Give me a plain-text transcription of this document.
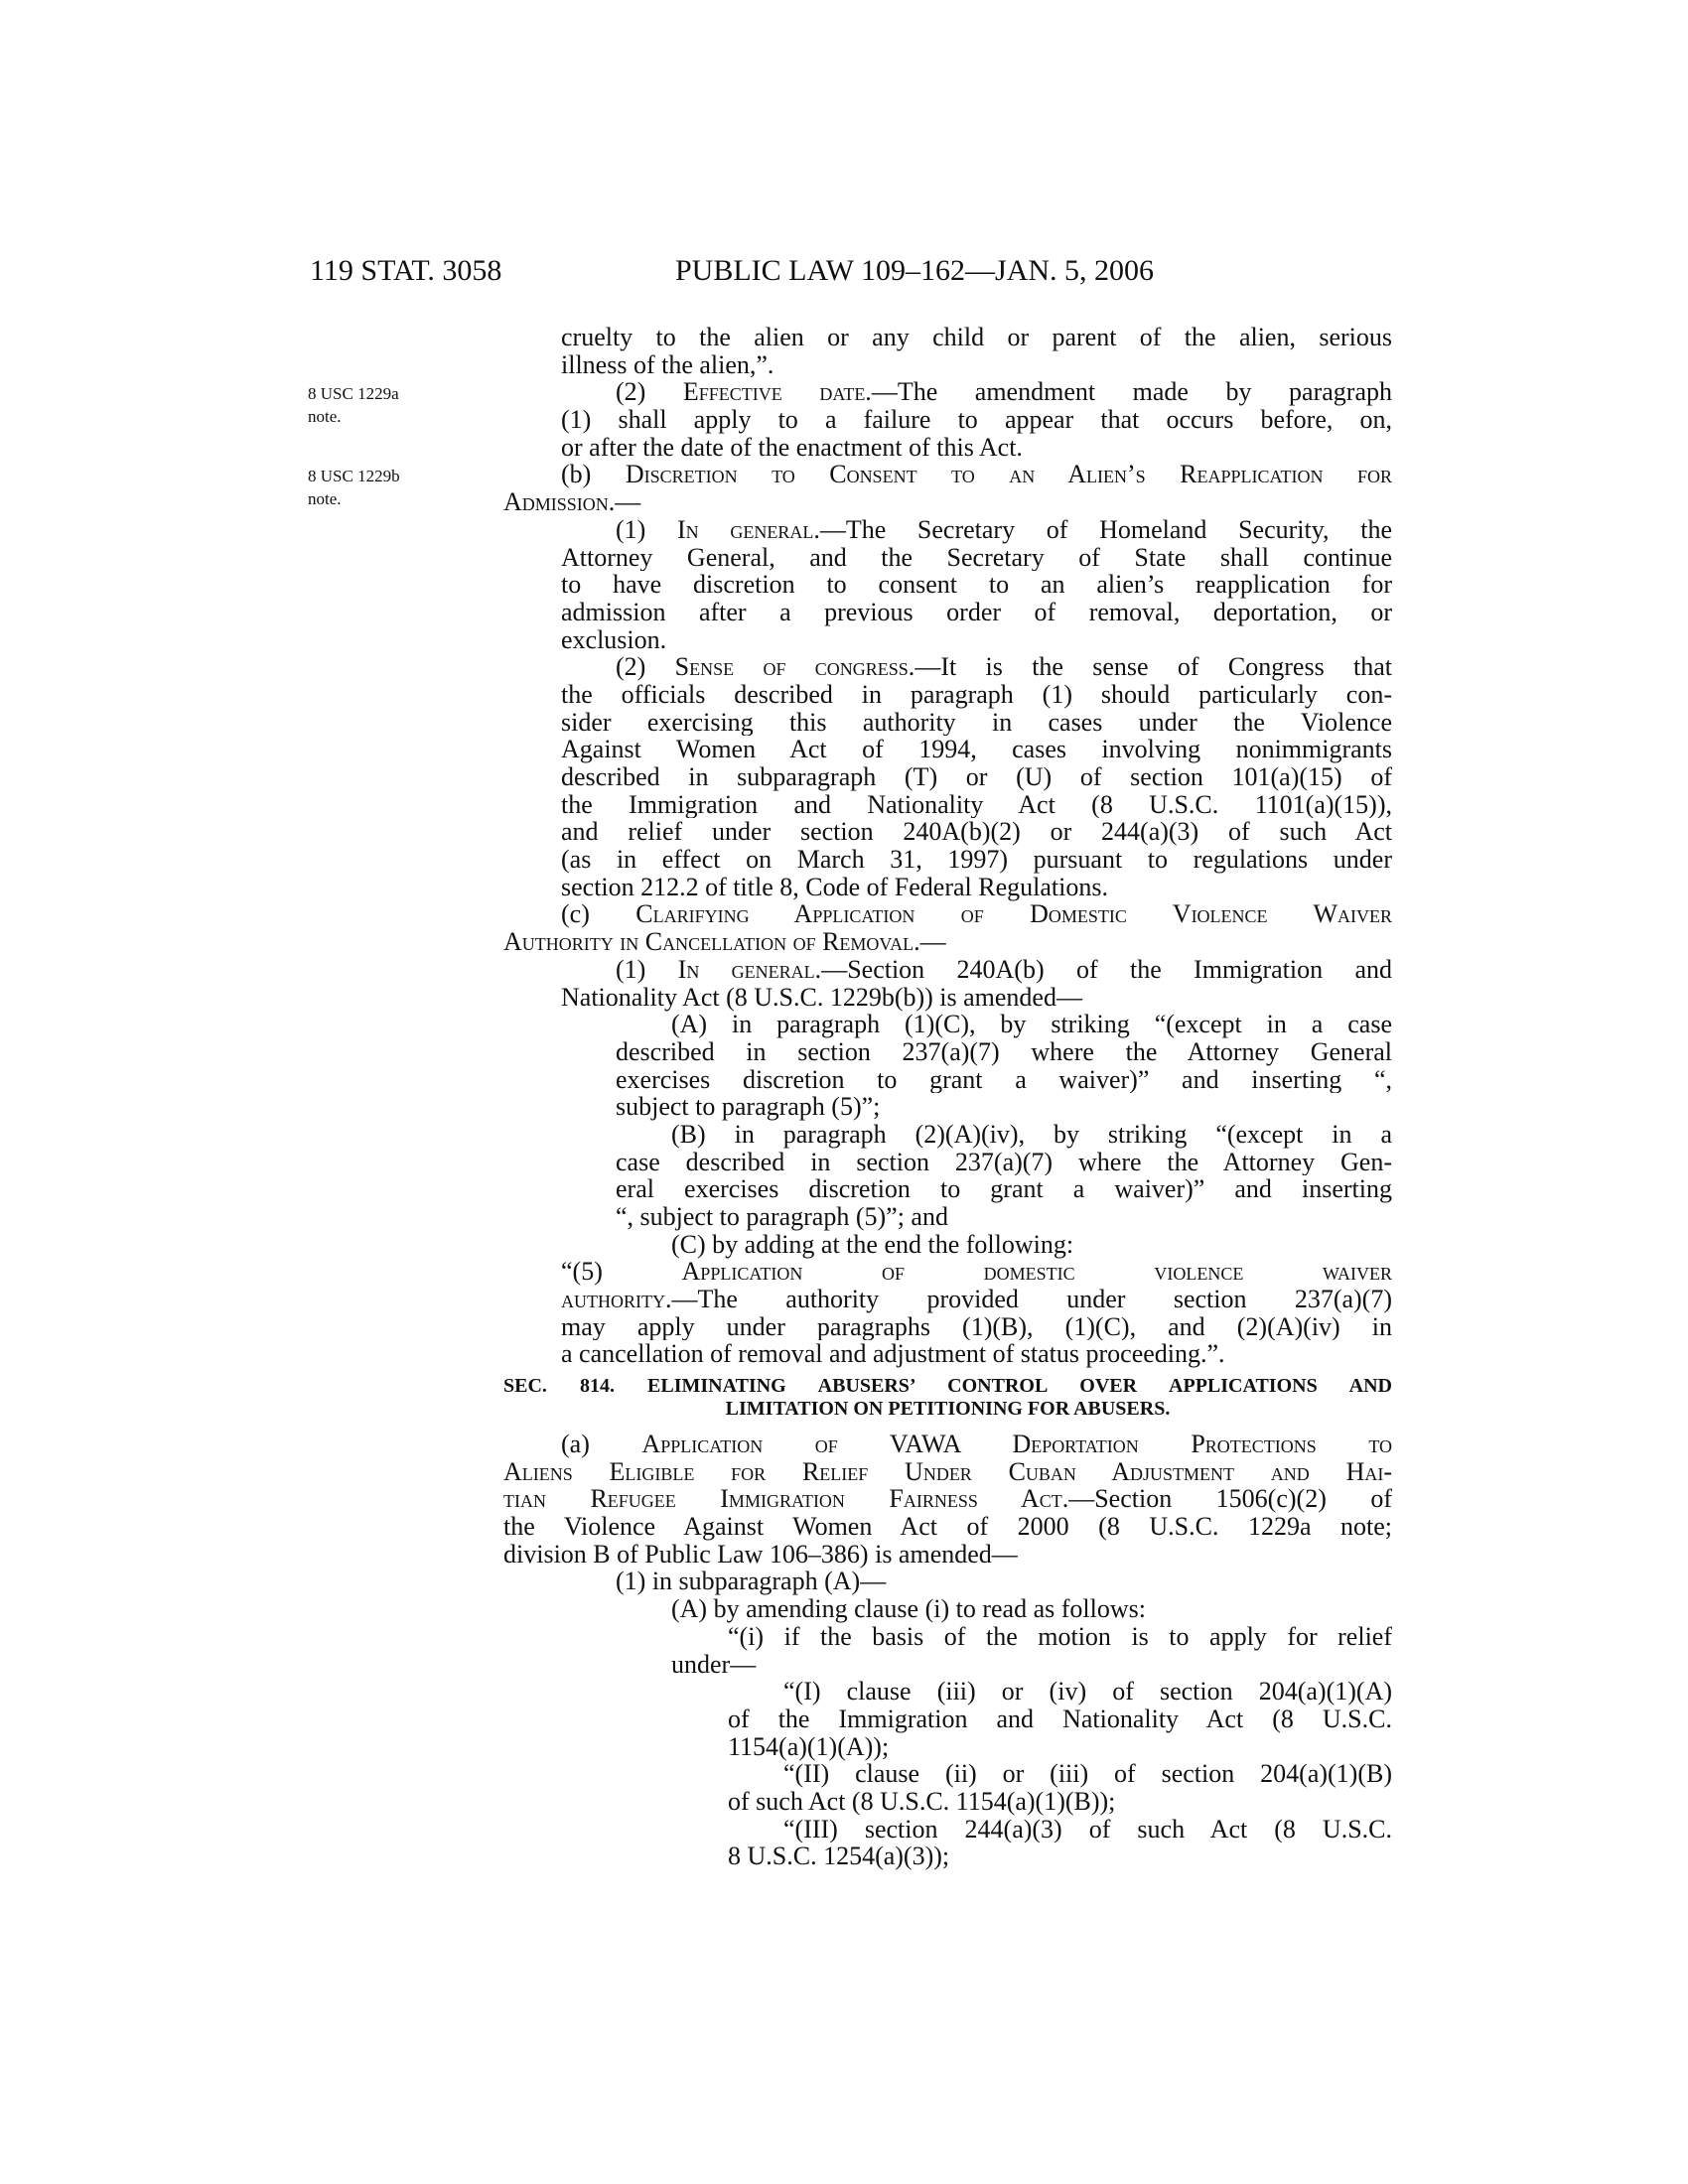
119 STAT. 3058	PUBLIC LAW 109–162—JAN. 5, 2006
8 USC 1229a
note.
8 USC 1229b
note.
cruelty to the alien or any child or parent of the alien, serious
illness of the alien,”.
(2) Effective date.—The amendment made by paragraph
(1) shall apply to a failure to appear that occurs before, on,
or after the date of the enactment of this Act.
(b) Discretion to Consent to an Alien’s Reapplication for
Admission.—
(1) In general.—The Secretary of Homeland Security, the
Attorney General, and the Secretary of State shall continue
to have discretion to consent to an alien’s reapplication for
admission after a previous order of removal, deportation, or
exclusion.
(2) Sense of congress.—It is the sense of Congress that
the officials described in paragraph (1) should particularly con-
sider exercising this authority in cases under the Violence
Against Women Act of 1994, cases involving nonimmigrants
described in subparagraph (T) or (U) of section 101(a)(15) of
the Immigration and Nationality Act (8 U.S.C. 1101(a)(15)),
and relief under section 240A(b)(2) or 244(a)(3) of such Act
(as in effect on March 31, 1997) pursuant to regulations under
section 212.2 of title 8, Code of Federal Regulations.
(c) Clarifying Application of Domestic Violence Waiver
Authority in Cancellation of Removal.—
(1) In general.—Section 240A(b) of the Immigration and
Nationality Act (8 U.S.C. 1229b(b)) is amended—
(A) in paragraph (1)(C), by striking “(except in a case
described in section 237(a)(7) where the Attorney General
exercises discretion to grant a waiver)” and inserting “,
subject to paragraph (5)”;
(B) in paragraph (2)(A)(iv), by striking “(except in a
case described in section 237(a)(7) where the Attorney Gen-
eral exercises discretion to grant a waiver)” and inserting
“, subject to paragraph (5)”; and
(C) by adding at the end the following:
“(5) Application of domestic violence waiver
authority.—The authority provided under section 237(a)(7)
may apply under paragraphs (1)(B), (1)(C), and (2)(A)(iv) in
a cancellation of removal and adjustment of status proceeding.”.
SEC. 814. ELIMINATING ABUSERS’ CONTROL OVER APPLICATIONS AND
LIMITATION ON PETITIONING FOR ABUSERS.
(a) Application of VAWA Deportation Protections to
Aliens Eligible for Relief Under Cuban Adjustment and Hai-
tian Refugee Immigration Fairness Act.—Section 1506(c)(2) of
the Violence Against Women Act of 2000 (8 U.S.C. 1229a note;
division B of Public Law 106–386) is amended—
(1) in subparagraph (A)—
(A) by amending clause (i) to read as follows:
“(i) if the basis of the motion is to apply for relief
under—
“(I) clause (iii) or (iv) of section 204(a)(1)(A)
of the Immigration and Nationality Act (8 U.S.C.
1154(a)(1)(A));
“(II) clause (ii) or (iii) of section 204(a)(1)(B)
of such Act (8 U.S.C. 1154(a)(1)(B));
“(III) section 244(a)(3) of such Act (8 U.S.C.
8 U.S.C. 1254(a)(3));
